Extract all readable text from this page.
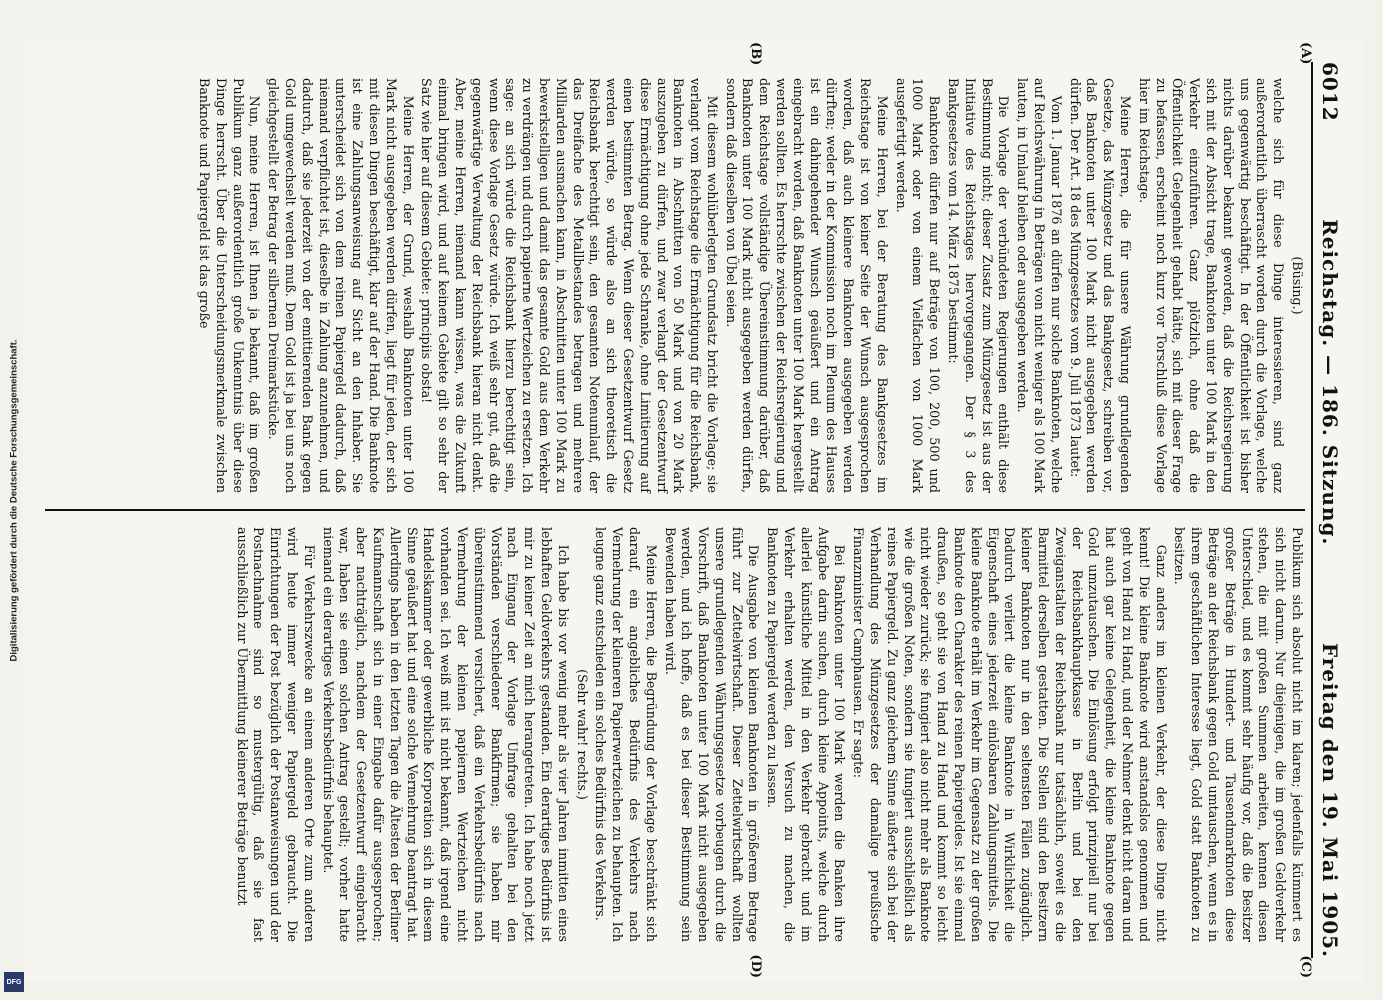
6012
Reichstag. — 186. Sitzung.
Freitag den 19. Mai 1905.
(A)
(B)
(C)
(D)

(Büsing.)

welche sich für diese Dinge interessieren, sind ganz außerordentlich überrascht worden durch die Vorlage, welche uns gegenwärtig beschäftigt. In der Öffentlichkeit ist bisher nichts darüber bekannt geworden, daß die Reichsregierung sich mit der Absicht trage, Banknoten unter 100 Mark in den Verkehr einzuführen. Ganz plötzlich, ohne daß die Öffentlichkeit Gelegenheit gehabt hätte, sich mit dieser Frage zu befassen, erscheint noch kurz vor Torschluß diese Vorlage hier im Reichstage.

Meine Herren, die für unsere Währung grundlegenden Gesetze, das Münzgesetz und das Bankgesetz, schreiben vor, daß Banknoten unter 100 Mark nicht ausgegeben werden dürfen. Der Art. 18 des Münzgesetzes vom 9. Juli 1873 lautet:

Vom 1. Januar 1876 an dürfen nur solche Banknoten, welche auf Reichswährung in Beträgen von nicht weniger als 100 Mark lauten, in Umlauf bleiben oder ausgegeben werden.

Die Vorlage der verbündeten Regierungen enthält diese Bestimmung nicht; dieser Zusatz zum Münzgesetz ist aus der Initiative des Reichstages hervorgegangen. Der § 3 des Bankgesetzes vom 14. März 1875 bestimmt:

Banknoten dürfen nur auf Beträge von 100, 200, 500 und 1000 Mark oder von einem Vielfachen von 1000 Mark ausgefertigt werden.

Meine Herren, bei der Beratung des Bankgesetzes im Reichstage ist von keiner Seite der Wunsch ausgesprochen worden, daß auch kleinere Banknoten ausgegeben werden dürften; weder in der Kommission noch im Plenum des Hauses ist ein dahingehender Wunsch geäußert und ein Antrag eingebracht worden, daß Banknoten unter 100 Mark hergestellt werden sollten. Es herrschte zwischen der Reichsregierung und dem Reichstage vollständige Übereinstimmung darüber, daß Banknoten unter 100 Mark nicht ausgegeben werden dürfen, sondern daß dieselben von Übel seien.

Mit diesem wohlüberlegten Grundsatz bricht die Vorlage; sie verlangt vom Reichstage die Ermächtigung für die Reichsbank, Banknoten in Abschnitten von 50 Mark und von 20 Mark auszugeben zu dürfen, und zwar verlangt der Gesetzentwurf diese Ermächtigung ohne jede Schranke, ohne Limitierung auf einen bestimmten Betrag. Wenn dieser Gesetzentwurf Gesetz werden würde, so würde also an sich theoretisch die Reichsbank berechtigt sein, den gesamten Notenumlauf, der das Dreifache des Metallbestandes betragen und mehrere Milliarden ausmachen kann, in Abschnitten unter 100 Mark zu bewerkstelligen und damit das gesamte Gold aus dem Verkehr zu verdrängen und durch papierne Wertzeichen zu ersetzen. Ich sage: an sich würde die Reichsbank hierzu berechtigt sein, wenn diese Vorlage Gesetz würde. Ich weiß sehr gut, daß die gegenwärtige Verwaltung der Reichsbank hieran nicht denkt. Aber, meine Herren, niemand kann wissen, was die Zukunft einmal bringen wird, und auf keinem Gebiete gilt so sehr der Satz wie hier auf diesem Gebiete: principiis obsta!

Meine Herren, der Grund, weshalb Banknoten unter 100 Mark nicht ausgegeben werden dürfen, liegt für jeden, der sich mit diesen Dingen beschäftigt, klar auf der Hand. Die Banknote ist eine Zahlungsanweisung auf Sicht an den Inhaber. Sie unterscheidet sich von dem reinen Papiergeld dadurch, daß niemand verpflichtet ist, dieselbe in Zahlung anzunehmen, und dadurch, daß sie jederzeit von der emittierenden Bank gegen Gold umgewechselt werden muß. Dem Gold ist ja bei uns noch gleichgestellt der Betrag der silbernen Dreimarkstücke.

Nun, meine Herren, ist Ihnen ja bekannt, daß im großen Publikum ganz außerordentlich große Unkenntnis über diese Dinge herrscht. Über die Unterscheidungsmerkmale zwischen Banknote und Papiergeld ist das große

Publikum sich absolut nicht im klaren; jedenfalls kümmert es sich nicht darum. Nur diejenigen, die im großen Geldverkehr stehen, die mit großen Summen arbeiten, kennen diesen Unterschied, und es kommt sehr häufig vor, daß die Besitzer großer Beträge in Hundert- und Tausendmarknoten diese Beträge an der Reichsbank gegen Gold umtauschen, wenn es in ihrem geschäftlichen Interesse liegt, Gold statt Banknoten zu besitzen.

Ganz anders im kleinen Verkehr, der diese Dinge nicht kennt! Die kleine Banknote wird anstandslos genommen und geht von Hand zu Hand, und der Nehmer denkt nicht daran und hat auch gar keine Gelegenheit, die kleine Banknote gegen Gold umzutauschen. Die Einlösung erfolgt prinzipiell nur bei der Reichsbankhauptkasse in Berlin und bei den Zweiganstalten der Reichsbank nur tatsächlich, soweit es die Barmittel derselben gestatten. Die Stellen sind den Besitzern kleiner Banknoten nur in den seltensten Fällen zugänglich. Dadurch verliert die kleine Banknote in Wirklichkeit die Eigenschaft eines jederzeit einlösbaren Zahlungsmittels. Die kleine Banknote erhält im Verkehr im Gegensatz zu der großen Banknote den Charakter des reinen Papiergeldes. Ist sie einmal draußen, so geht sie von Hand zu Hand und kommt so leicht nicht wieder zurück; sie fungiert also nicht mehr als Banknote wie die großen Noten, sondern sie fungiert ausschließlich als reines Papiergeld. Zu ganz gleichem Sinne äußerte sich bei der Verhandlung des Münzgesetzes der damalige preußische Finanzminister Camphausen. Er sagte:

Bei Banknoten unter 100 Mark werden die Banken ihre Aufgabe darin suchen, durch kleine Appoints, welche durch allerlei künstliche Mittel in den Verkehr gebracht und im Verkehr erhalten werden, den Versuch zu machen, die Banknoten zu Papiergeld werden zu lassen.

Die Ausgabe von kleinen Banknoten in größerem Betrage führt zur Zettelwirtschaft. Dieser Zettelwirtschaft wollten unsere grundlegenden Währungsgesetze vorbeugen durch die Vorschrift, daß Banknoten unter 100 Mark nicht ausgegeben werden, und ich hoffe, daß es bei dieser Bestimmung sein Bewenden haben wird.

Meine Herren, die Begründung der Vorlage beschränkt sich darauf, ein angebliches Bedürfnis des Verkehrs nach Vermehrung der kleineren Papierwertzeichen zu behaupten. Ich leugne ganz entschieden ein solches Bedürfnis des Verkehrs.

(Sehr wahr! rechts.)

Ich habe bis vor wenig mehr als vier Jahren inmitten eines lebhaften Geldverkehrs gestanden. Ein derartiges Bedürfnis ist mir zu keiner Zeit an mich herangetreten. Ich habe noch jetzt nach Eingang der Vorlage Umfrage gehalten bei den Vorständen verschiedener Bankfirmen; sie haben mir übereinstimmend versichert, daß ein Verkehrsbedürfnis nach Vermehrung der kleinen papiernen Wertzeichen nicht vorhanden sei. Ich weiß mit ist nicht bekannt, daß irgend eine Handelskammer oder gewerbliche Korporation sich in diesem Sinne geäußert hat und eine solche Vermehrung beantragt hat. Allerdings haben in den letzten Tagen die Ältesten der Berliner Kaufmannschaft sich in einer Eingabe dafür ausgesprochen; aber nachträglich, nachdem der Gesetzentwurf eingebracht war, haben sie einen solchen Antrag gestellt; vorher hatte niemand ein derartiges Verkehrsbedürfnis behauptet.

Für Verkehrszwecke an einem anderen Orte zum anderen wird heute immer weniger Papiergeld gebraucht. Die Einrichtungen der Post bezüglich der Postanweisungen und der Postnachnahme sind so mustergültig, daß sie fast ausschließlich zur Übermittlung kleinerer Beträge benutzt

Digitalisierung gefördert durch die Deutsche Forschungsgemeinschaft.
DFG
